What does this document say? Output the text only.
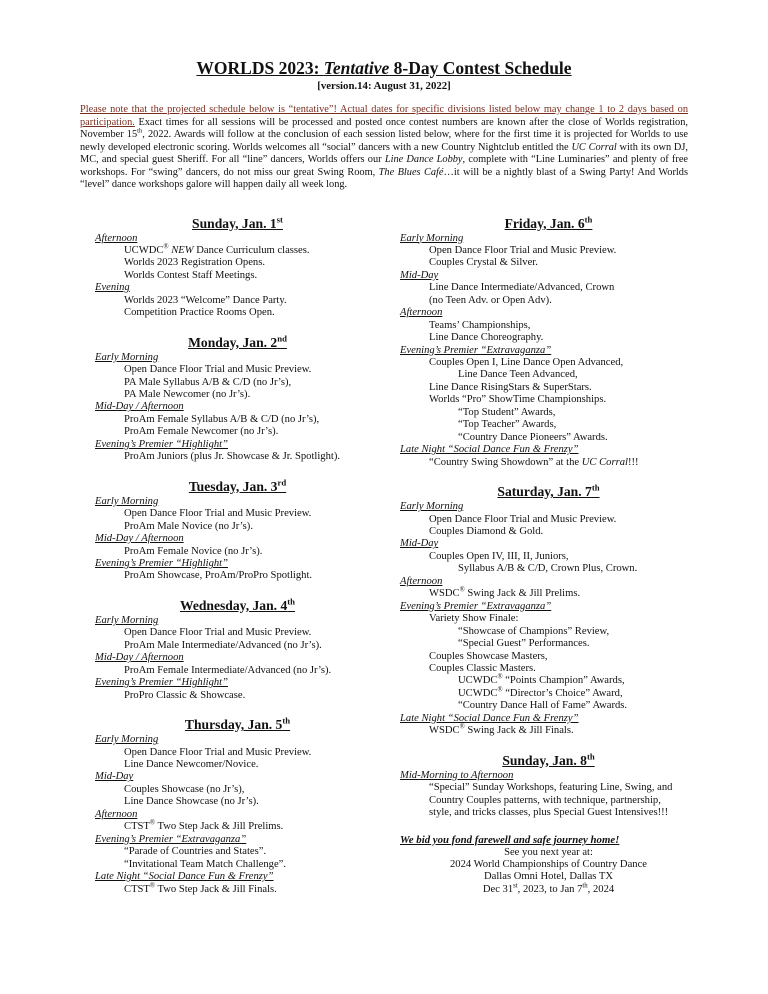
WORLDS 2023: Tentative 8-Day Contest Schedule
[version.14: August 31, 2022]

Please note that the projected schedule below is “tentative”! Actual dates for specific divisions listed below may change 1 to 2 days based on participation. Exact times for all sessions will be processed and posted once contest numbers are known after the close of Worlds registration, November 15th, 2022. Awards will follow at the conclusion of each session listed below, where for the first time it is projected for Worlds to use newly developed electronic scoring. Worlds welcomes all “social” dancers with a new Country Nightclub entitled the UC Corral with its own DJ, MC, and special guest Sheriff. For all “line” dancers, Worlds offers our Line Dance Lobby, complete with “Line Luminaries” and plenty of free workshops. For “swing” dancers, do not miss our great Swing Room, The Blues Café…it will be a nightly blast of a Swing Party! And Worlds “level” dance workshops galore will happen daily all week long.

Sunday, Jan. 1st
Afternoon
UCWDC® NEW Dance Curriculum classes.
Worlds 2023 Registration Opens.
Worlds Contest Staff Meetings.
Evening
Worlds 2023 “Welcome” Dance Party.
Competition Practice Rooms Open.
Monday, Jan. 2nd
Early Morning
Open Dance Floor Trial and Music Preview.
PA Male Syllabus A/B & C/D (no Jr’s),
PA Male Newcomer (no Jr’s).
Mid-Day / Afternoon
ProAm Female Syllabus A/B & C/D (no Jr’s),
ProAm Female Newcomer (no Jr’s).
Evening’s Premier “Highlight”
ProAm Juniors (plus Jr. Showcase & Jr. Spotlight).
Tuesday, Jan. 3rd
Early Morning
Open Dance Floor Trial and Music Preview.
ProAm Male Novice (no Jr’s).
Mid-Day / Afternoon
ProAm Female Novice (no Jr’s).
Evening’s Premier “Highlight”
ProAm Showcase, ProAm/ProPro Spotlight.
Wednesday, Jan. 4th
Early Morning
Open Dance Floor Trial and Music Preview.
ProAm Male Intermediate/Advanced (no Jr’s).
Mid-Day / Afternoon
ProAm Female Intermediate/Advanced (no Jr’s).
Evening’s Premier “Highlight”
ProPro Classic & Showcase.
Thursday, Jan. 5th
Early Morning
Open Dance Floor Trial and Music Preview.
Line Dance Newcomer/Novice.
Mid-Day
Couples Showcase (no Jr’s),
Line Dance Showcase (no Jr’s).
Afternoon
CTST® Two Step Jack & Jill Prelims.
Evening’s Premier “Extravaganza”
“Parade of Countries and States”.
“Invitational Team Match Challenge”.
Late Night “Social Dance Fun & Frenzy”
CTST® Two Step Jack & Jill Finals.
Friday, Jan. 6th
Early Morning
Open Dance Floor Trial and Music Preview.
Couples Crystal & Silver.
Mid-Day
Line Dance Intermediate/Advanced, Crown
(no Teen Adv. or Open Adv).
Afternoon
Teams’ Championships,
Line Dance Choreography.
Evening’s Premier “Extravaganza”
Couples Open I, Line Dance Open Advanced,
Line Dance Teen Advanced,
Line Dance RisingStars & SuperStars.
Worlds “Pro” ShowTime Championships.
“Top Student” Awards,
“Top Teacher” Awards,
“Country Dance Pioneers” Awards.
Late Night “Social Dance Fun & Frenzy”
“Country Swing Showdown” at the UC Corral!!!
Saturday, Jan. 7th
Early Morning
Open Dance Floor Trial and Music Preview.
Couples Diamond & Gold.
Mid-Day
Couples Open IV, III, II, Juniors,
Syllabus A/B & C/D, Crown Plus, Crown.
Afternoon
WSDC® Swing Jack & Jill Prelims.
Evening’s Premier “Extravaganza”
Variety Show Finale:
“Showcase of Champions” Review,
“Special Guest” Performances.
Couples Showcase Masters,
Couples Classic Masters.
UCWDC® “Points Champion” Awards,
UCWDC® “Director’s Choice” Award,
“Country Dance Hall of Fame” Awards.
Late Night “Social Dance Fun & Frenzy”
WSDC® Swing Jack & Jill Finals.
Sunday, Jan. 8th
Mid-Morning to Afternoon
“Special” Sunday Workshops, featuring Line, Swing, and
Country Couples patterns, with technique, partnership,
style, and tricks classes, plus Special Guest Intensives!!!
We bid you fond farewell and safe journey home!
See you next year at:
2024 World Championships of Country Dance
Dallas Omni Hotel, Dallas TX
Dec 31st, 2023, to Jan 7th, 2024
